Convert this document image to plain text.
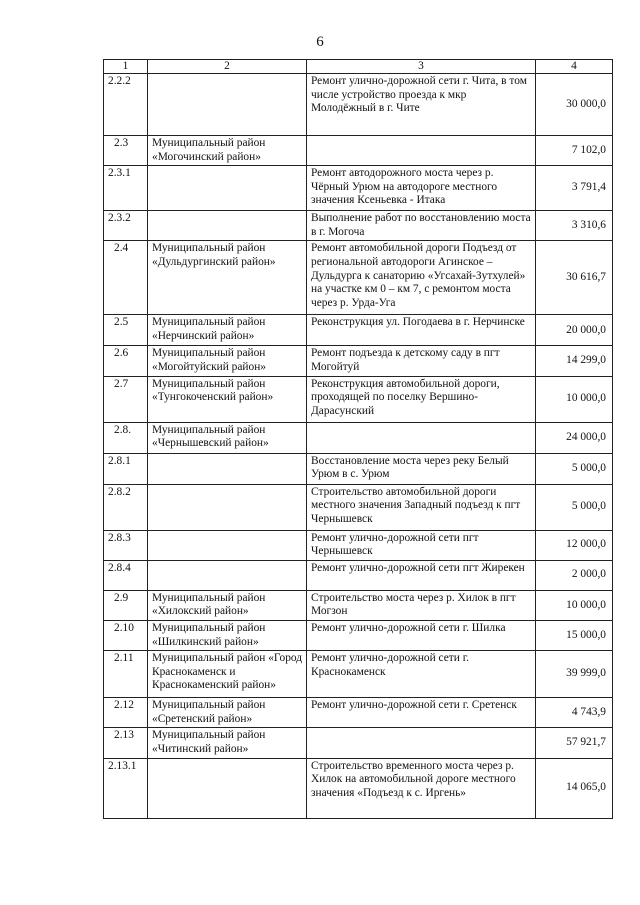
6
1	2	3	4
2.2.2		Ремонт улично-дорожной сети г. Чита, в том числе устройство проезда к мкр Молодёжный в г. Чите	30 000,0
2.3	Муниципальный район «Могочинский район»		7 102,0
2.3.1		Ремонт автодорожного моста через р. Чёрный Урюм на автодороге местного значения Ксеньевка - Итака	3 791,4
2.3.2		Выполнение работ по восстановлению моста в г. Могоча	3 310,6
2.4	Муниципальный район «Дульдургинский район»	Ремонт автомобильной дороги Подъезд от региональной автодороги Агинское – Дульдурга к санаторию «Угсахай-Зутхулей» на участке км 0 – км 7, с ремонтом моста через р. Урда-Уга	30 616,7
2.5	Муниципальный район «Нерчинский район»	Реконструкция ул. Погодаева в г. Нерчинске	20 000,0
2.6	Муниципальный район «Могойтуйский район»	Ремонт подъезда к детскому саду в пгт Могойтуй	14 299,0
2.7	Муниципальный район «Тунгокоченский район»	Реконструкция автомобильной дороги, проходящей по поселку Вершино-Дарасунский	10 000,0
2.8.	Муниципальный район «Чернышевский район»		24 000,0
2.8.1		Восстановление моста через реку Белый Урюм в с. Урюм	5 000,0
2.8.2		Строительство автомобильной дороги местного значения Западный подъезд к пгт Чернышевск	5 000,0
2.8.3		Ремонт улично-дорожной сети пгт Чернышевск	12 000,0
2.8.4		Ремонт улично-дорожной сети пгт Жирекен	2 000,0
2.9	Муниципальный район «Хилокский район»	Строительство моста через р. Хилок в пгт Могзон	10 000,0
2.10	Муниципальный район «Шилкинский район»	Ремонт улично-дорожной сети г. Шилка	15 000,0
2.11	Муниципальный район «Город Краснокаменск и Краснокаменский район»	Ремонт улично-дорожной сети г. Краснокаменск	39 999,0
2.12	Муниципальный район «Сретенский район»	Ремонт улично-дорожной сети г. Сретенск	4 743,9
2.13	Муниципальный район «Читинский район»		57 921,7
2.13.1		Строительство временного моста через р. Хилок на автомобильной дороге местного значения «Подъезд к с. Иргень»	14 065,0
